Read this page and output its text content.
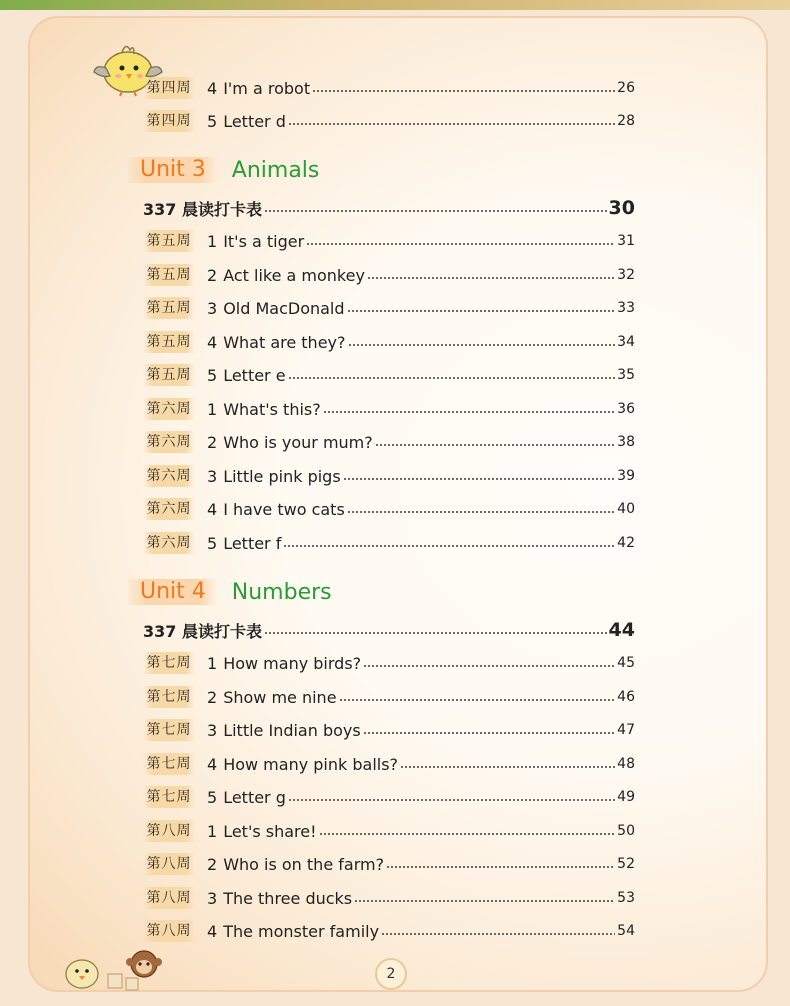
第四周 4 I'm a robot	26
第四周 5 Letter d	28
Unit 3	Animals
337 晨读打卡表	30
第五周 1 It's a tiger	31
第五周 2 Act like a monkey	32
第五周 3 Old MacDonald	33
第五周 4 What are they?	34
第五周 5 Letter e	35
第六周 1 What's this?	36
第六周 2 Who is your mum?	38
第六周 3 Little pink pigs	39
第六周 4 I have two cats	40
第六周 5 Letter f	42
Unit 4	Numbers
337 晨读打卡表	44
第七周 1 How many birds?	45
第七周 2 Show me nine	46
第七周 3 Little Indian boys	47
第七周 4 How many pink balls?	48
第七周 5 Letter g	49
第八周 1 Let's share!	50
第八周 2 Who is on the farm?	52
第八周 3 The three ducks	53
第八周 4 The monster family	54
2
